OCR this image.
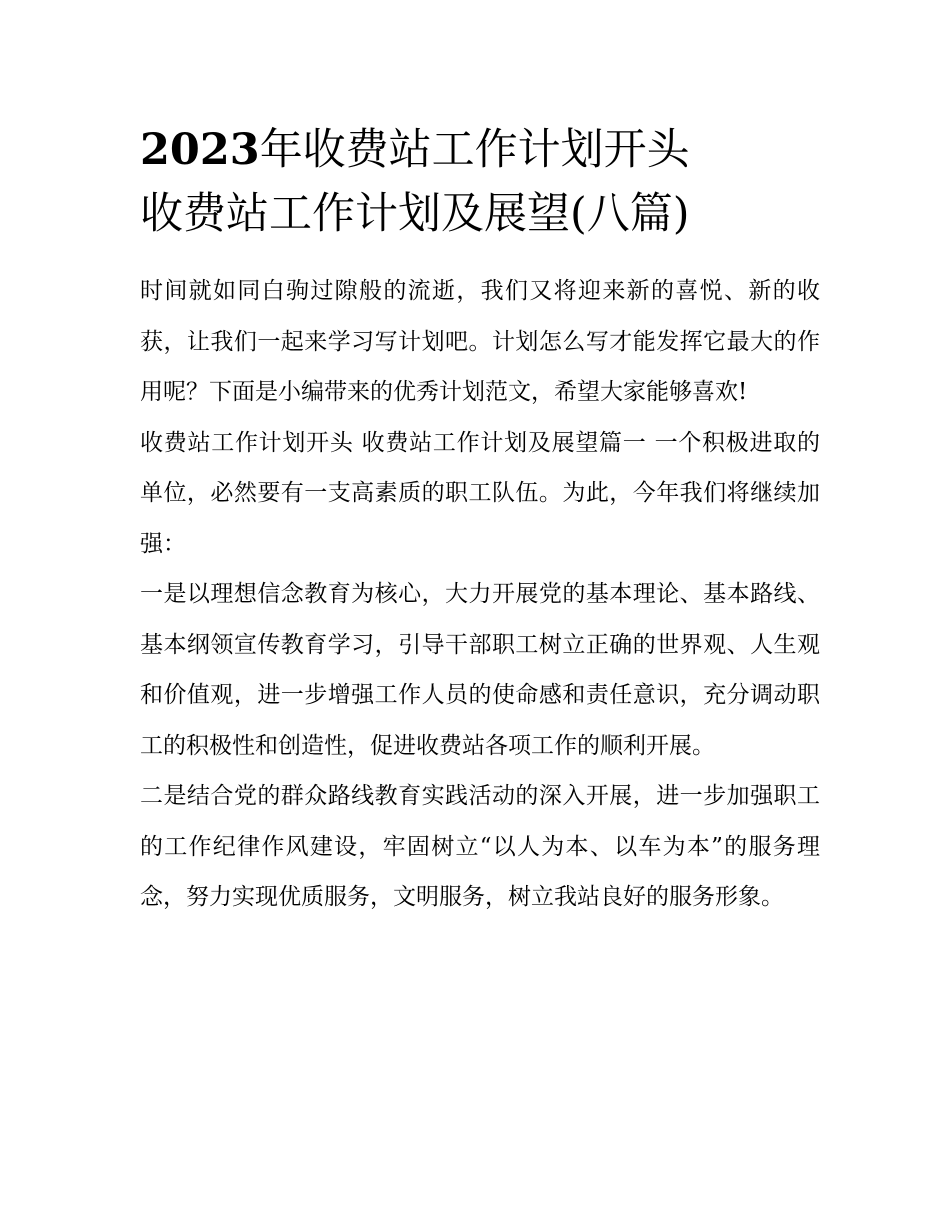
2023年收费站工作计划开头
收费站工作计划及展望(八篇)

时间就如同白驹过隙般的流逝，我们又将迎来新的喜悦、新的收获，让我们一起来学习写计划吧。计划怎么写才能发挥它最大的作用呢？下面是小编带来的优秀计划范文，希望大家能够喜欢!

收费站工作计划开头 收费站工作计划及展望篇一 一个积极进取的单位，必然要有一支高素质的职工队伍。为此，今年我们将继续加强：

一是以理想信念教育为核心，大力开展党的基本理论、基本路线、基本纲领宣传教育学习，引导干部职工树立正确的世界观、人生观和价值观，进一步增强工作人员的使命感和责任意识，充分调动职工的积极性和创造性，促进收费站各项工作的顺利开展。

二是结合党的群众路线教育实践活动的深入开展，进一步加强职工的工作纪律作风建设，牢固树立“以人为本、以车为本”的服务理念，努力实现优质服务，文明服务，树立我站良好的服务形象。
